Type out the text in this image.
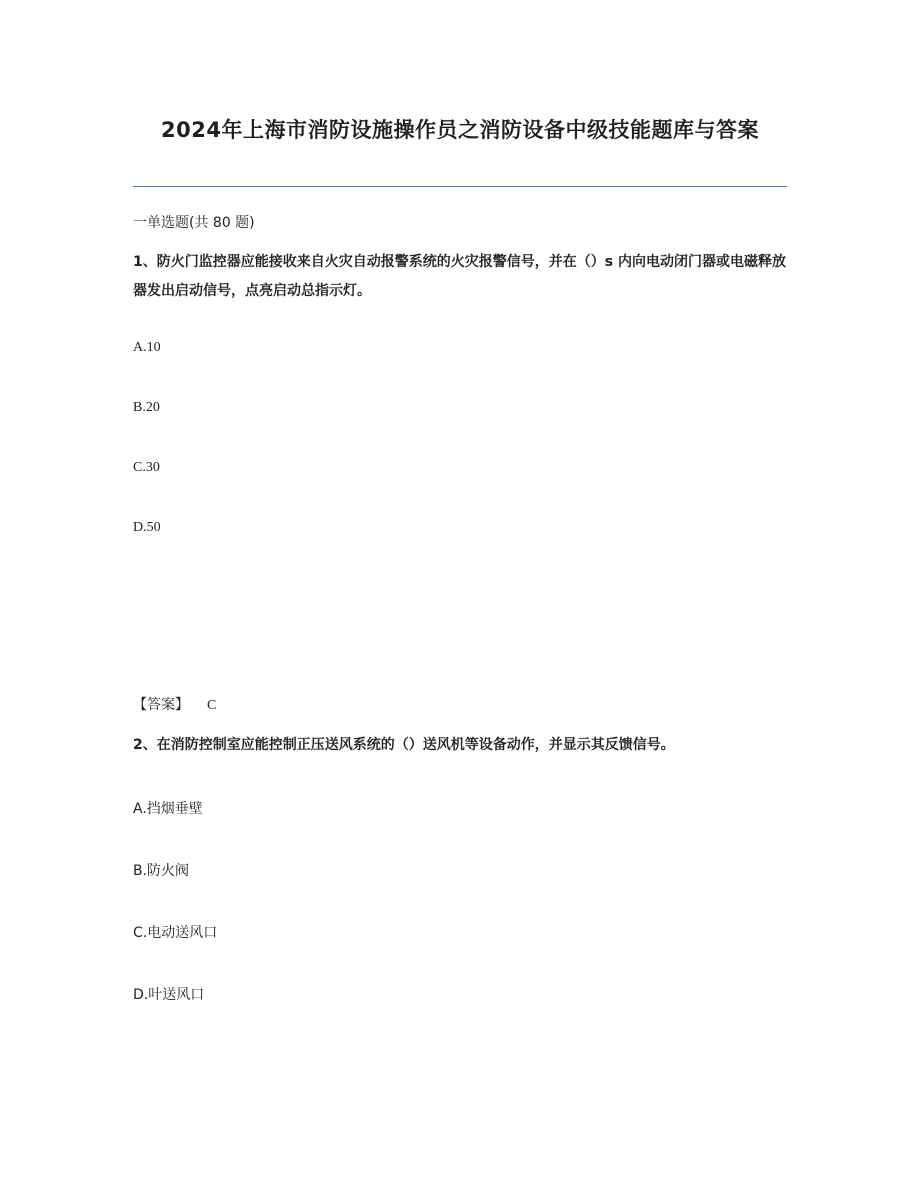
2024年上海市消防设施操作员之消防设备中级技能题库与答案
一单选题(共 80 题)
1、防火门监控器应能接收来自火灾自动报警系统的火灾报警信号，并在（）s 内向电动闭门器或电磁释放器发出启动信号，点亮启动总指示灯。
A.10
B.20
C.30
D.50
【答案】 C
2、在消防控制室应能控制正压送风系统的（）送风机等设备动作，并显示其反馈信号。
A.挡烟垂壁
B.防火阀
C.电动送风口
D.叶送风口
